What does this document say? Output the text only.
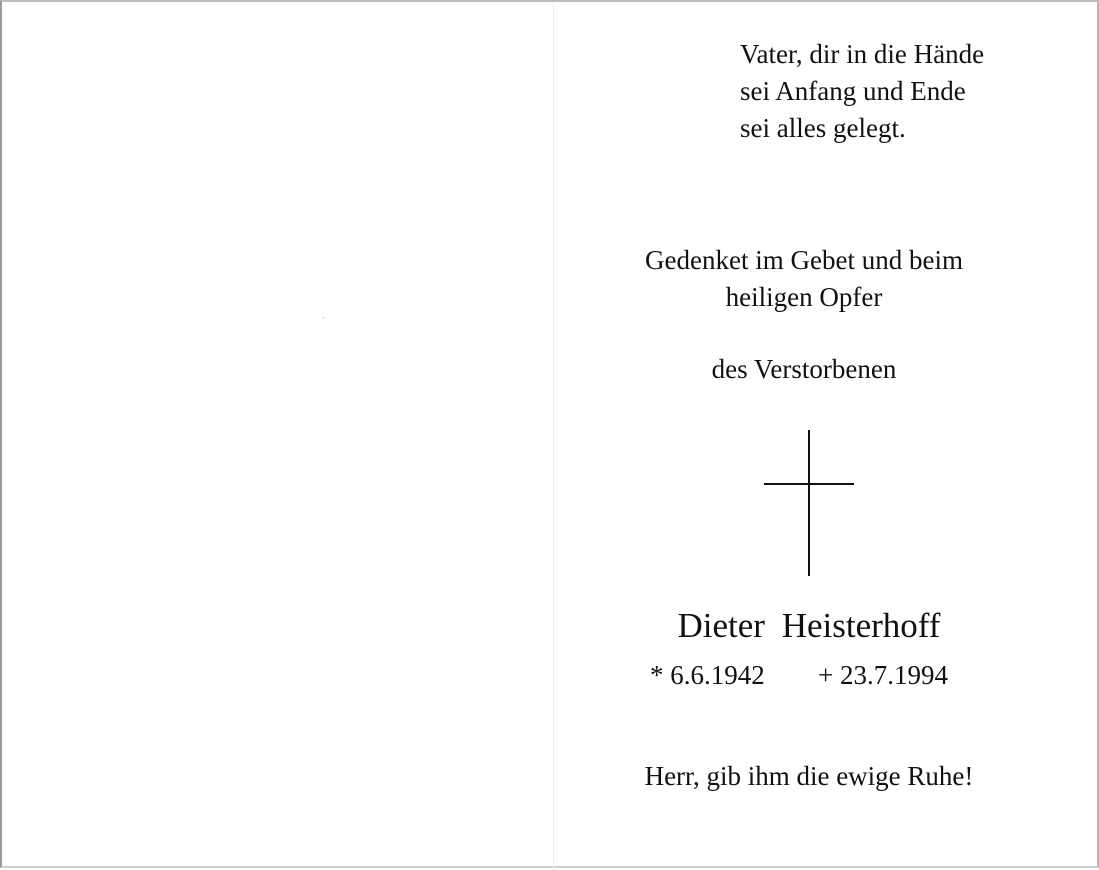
Vater, dir in die Hände
sei Anfang und Ende
sei alles gelegt.
Gedenket im Gebet und beim
heiligen Opfer
des Verstorbenen
Dieter Heisterhoff
* 6.6.1942 + 23.7.1994
Herr, gib ihm die ewige Ruhe!
